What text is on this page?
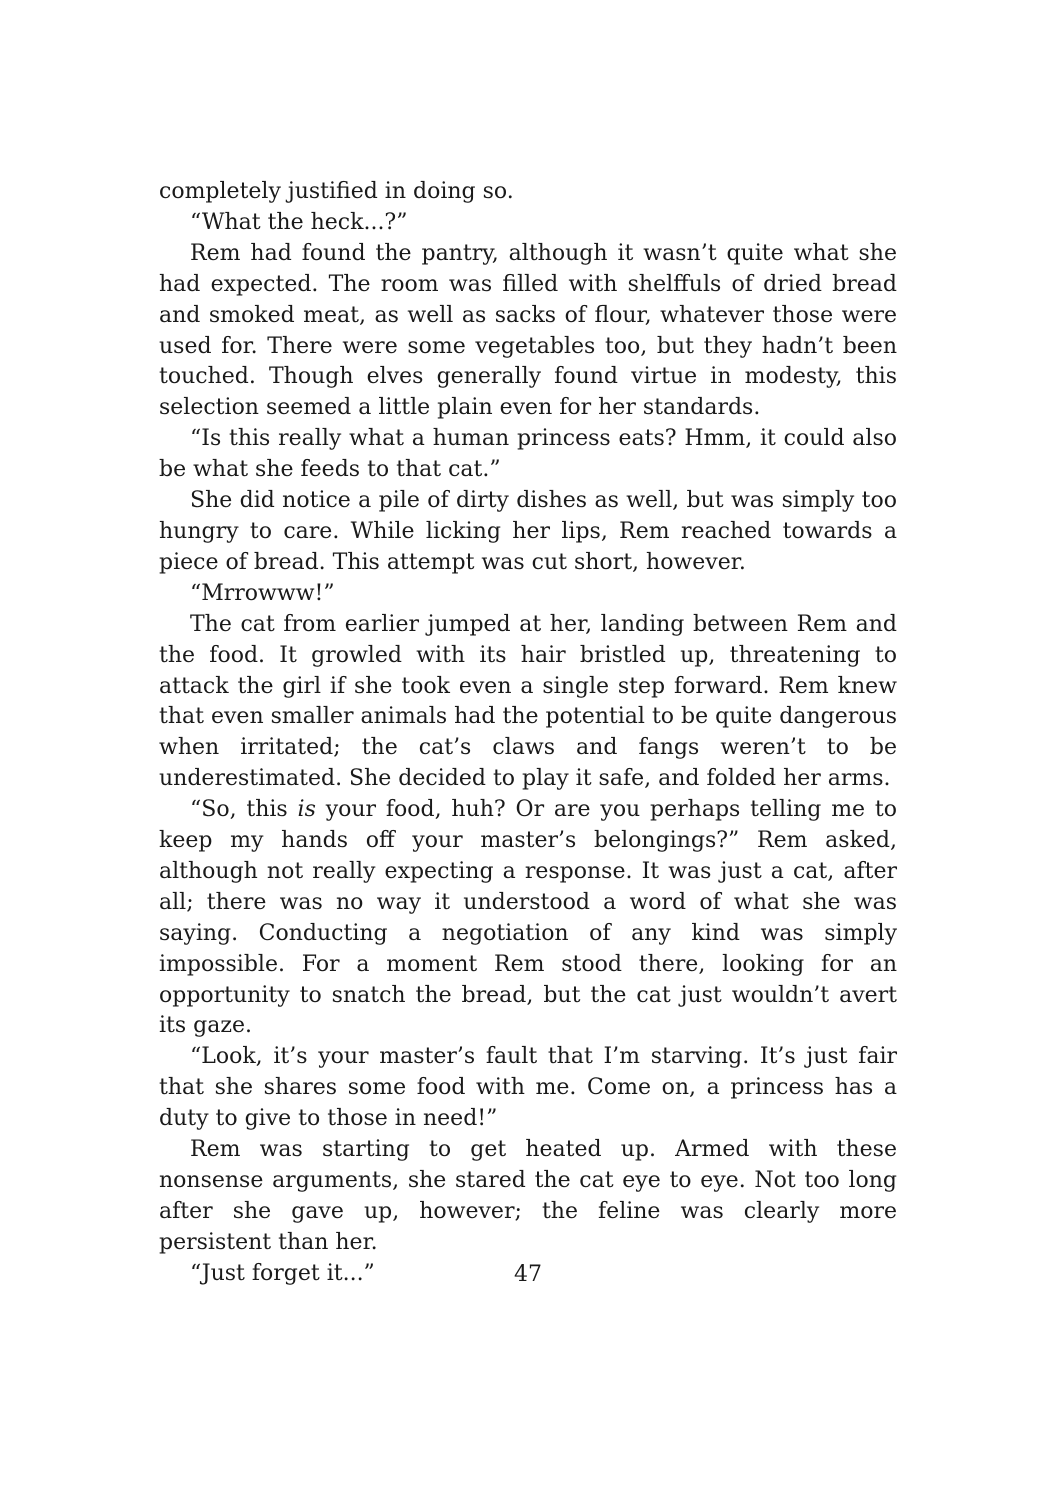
completely justified in doing so.

“What the heck...?”

Rem had found the pantry, although it wasn’t quite what she had expected. The room was filled with shelffuls of dried bread and smoked meat, as well as sacks of flour, whatever those were used for. There were some vegetables too, but they hadn’t been touched. Though elves generally found virtue in modesty, this selection seemed a little plain even for her standards.

“Is this really what a human princess eats? Hmm, it could also be what she feeds to that cat.”

She did notice a pile of dirty dishes as well, but was simply too hungry to care. While licking her lips, Rem reached towards a piece of bread. This attempt was cut short, however.

“Mrrowww!”

The cat from earlier jumped at her, landing between Rem and the food. It growled with its hair bristled up, threatening to attack the girl if she took even a single step forward. Rem knew that even smaller animals had the potential to be quite dangerous when irritated; the cat’s claws and fangs weren’t to be underestimated. She decided to play it safe, and folded her arms.

“So, this is your food, huh? Or are you perhaps telling me to keep my hands off your master’s belongings?” Rem asked, although not really expecting a response. It was just a cat, after all; there was no way it understood a word of what she was saying. Conducting a negotiation of any kind was simply impossible. For a moment Rem stood there, looking for an opportunity to snatch the bread, but the cat just wouldn’t avert its gaze.

“Look, it’s your master’s fault that I’m starving. It’s just fair that she shares some food with me. Come on, a princess has a duty to give to those in need!”

Rem was starting to get heated up. Armed with these nonsense arguments, she stared the cat eye to eye. Not too long after she gave up, however; the feline was clearly more persistent than her.

“Just forget it...”	47
